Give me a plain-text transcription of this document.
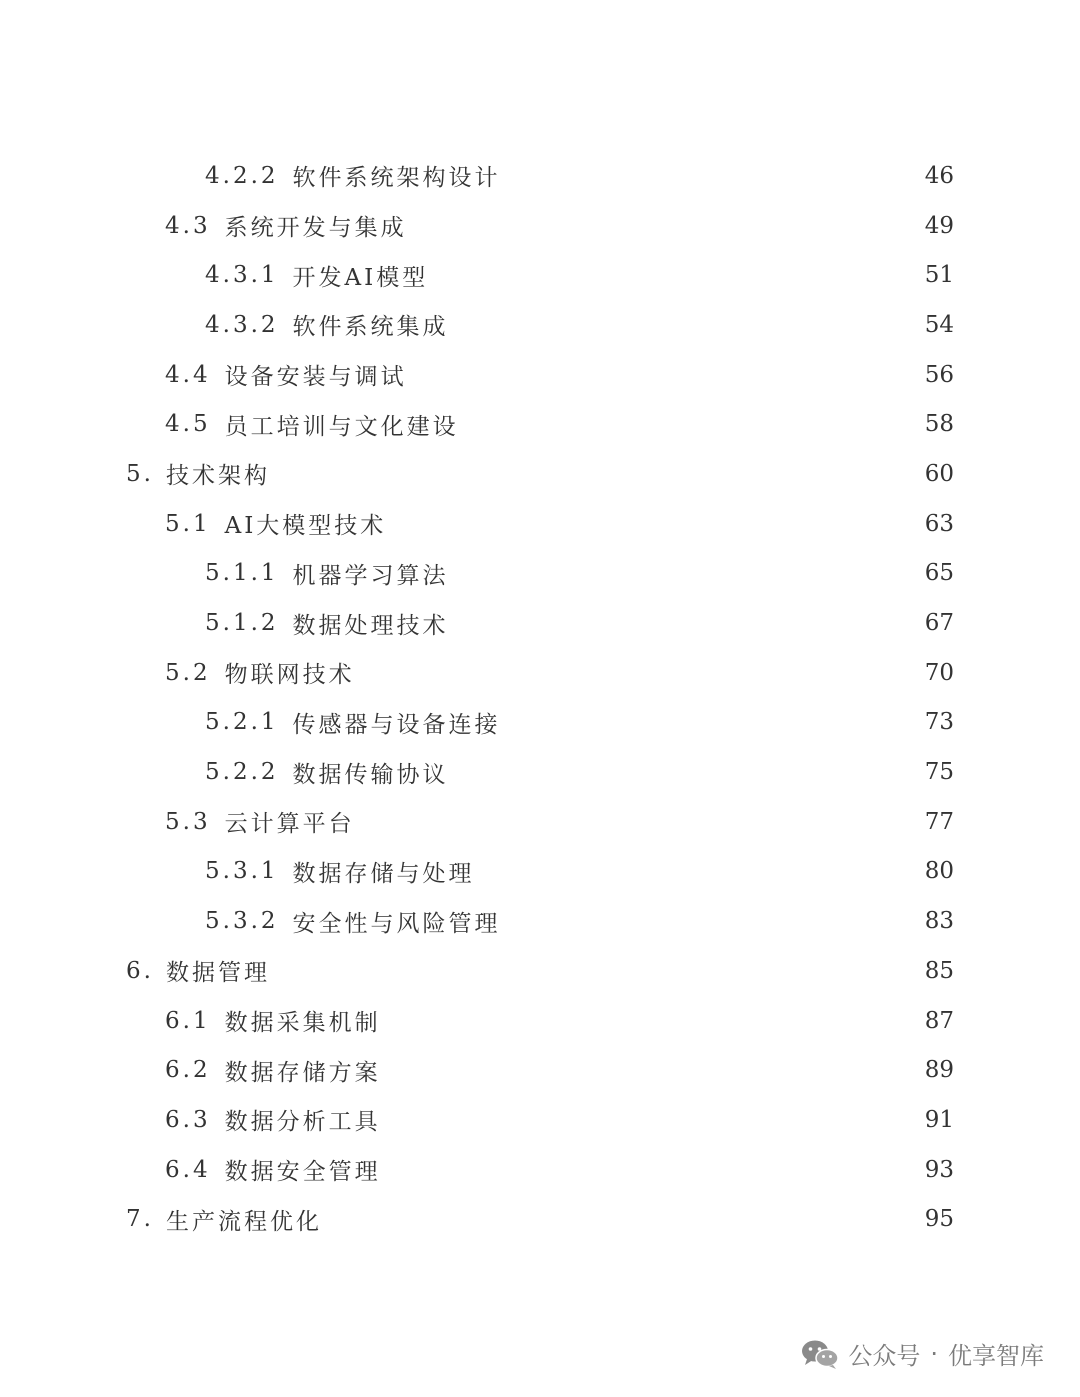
4.2.2 软件系统架构设计	46
4.3 系统开发与集成	49
4.3.1 开发AI模型	51
4.3.2 软件系统集成	54
4.4 设备安装与调试	56
4.5 员工培训与文化建设	58
5. 技术架构	60
5.1 AI大模型技术	63
5.1.1 机器学习算法	65
5.1.2 数据处理技术	67
5.2 物联网技术	70
5.2.1 传感器与设备连接	73
5.2.2 数据传输协议	75
5.3 云计算平台	77
5.3.1 数据存储与处理	80
5.3.2 安全性与风险管理	83
6. 数据管理	85
6.1 数据采集机制	87
6.2 数据存储方案	89
6.3 数据分析工具	91
6.4 数据安全管理	93
7. 生产流程优化	95
公众号 · 优享智库
